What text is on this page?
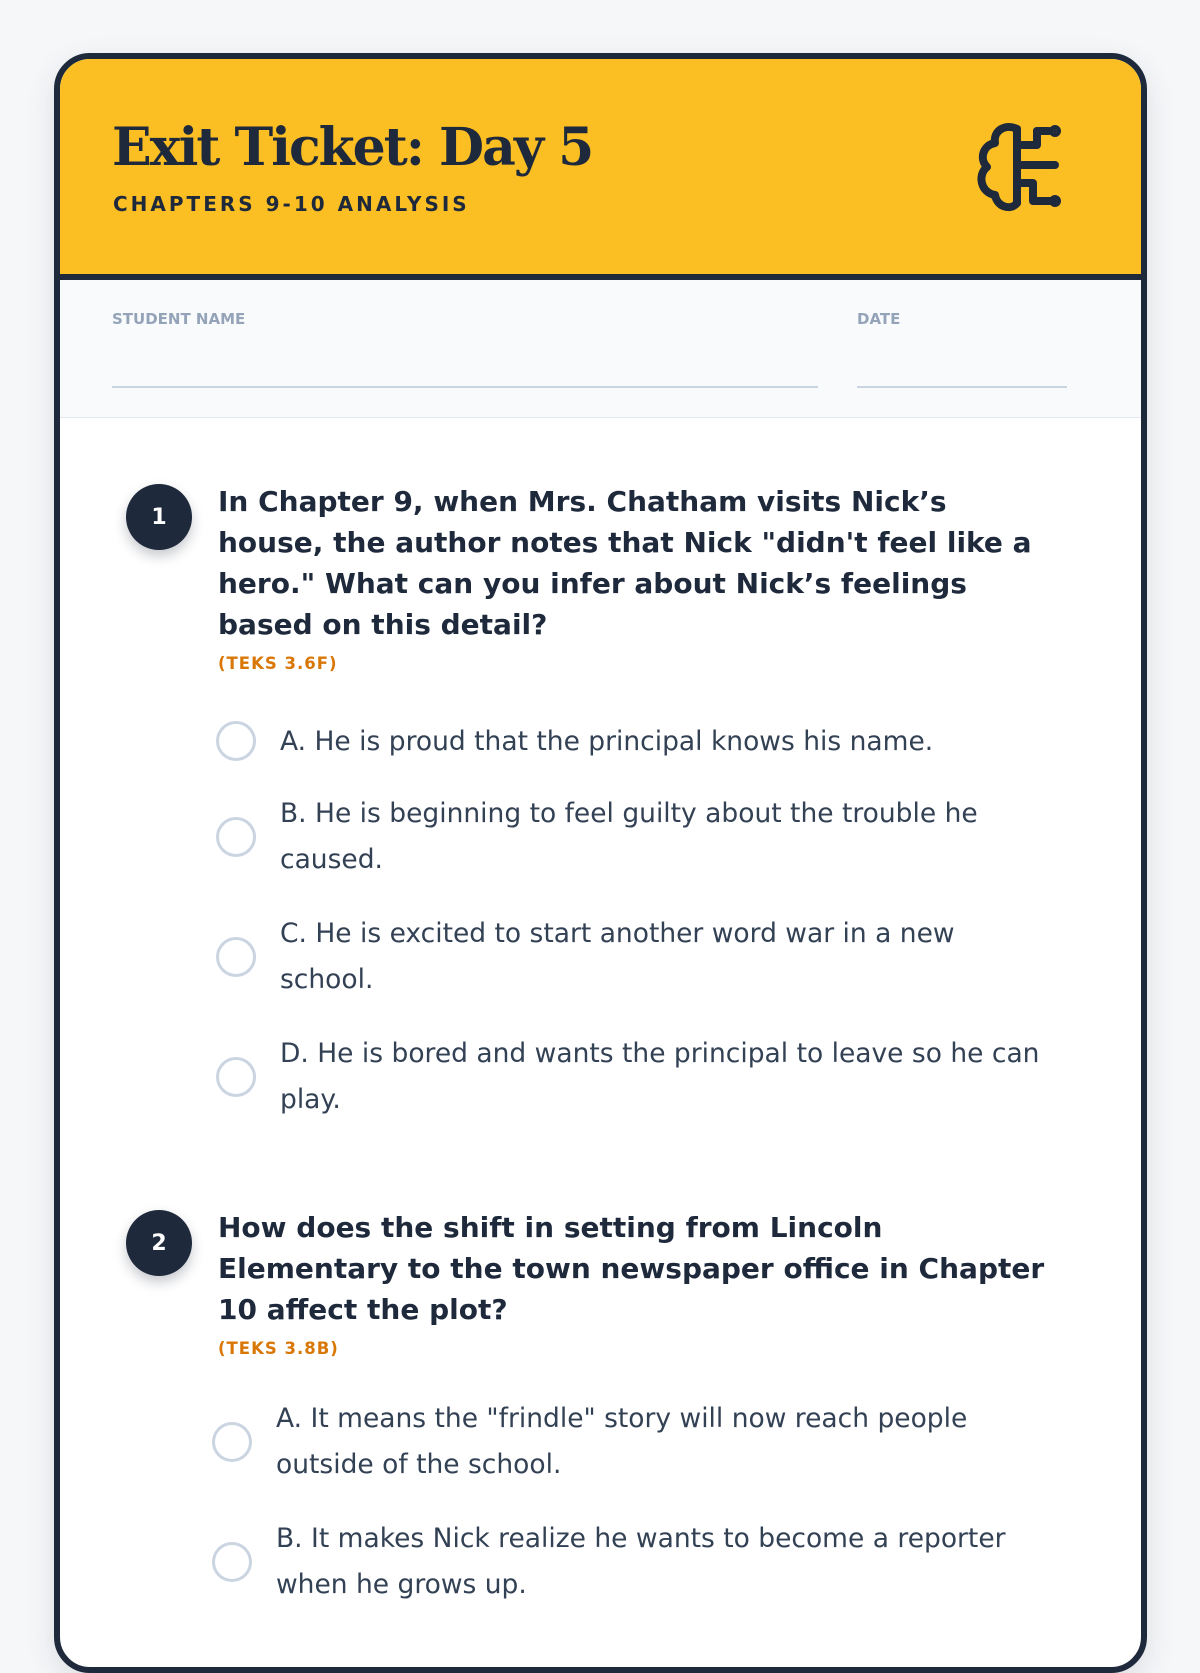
Exit Ticket: Day 5
CHAPTERS 9-10 ANALYSIS
STUDENT NAME	DATE
1	In Chapter 9, when Mrs. Chatham visits Nick’s house, the author notes that Nick "didn't feel like a hero." What can you infer about Nick’s feelings based on this detail?
(TEKS 3.6F)
A. He is proud that the principal knows his name.
B. He is beginning to feel guilty about the trouble he caused.
C. He is excited to start another word war in a new school.
D. He is bored and wants the principal to leave so he can play.
2	How does the shift in setting from Lincoln Elementary to the town newspaper office in Chapter 10 affect the plot?
(TEKS 3.8B)
A. It means the "frindle" story will now reach people outside of the school.
B. It makes Nick realize he wants to become a reporter when he grows up.
